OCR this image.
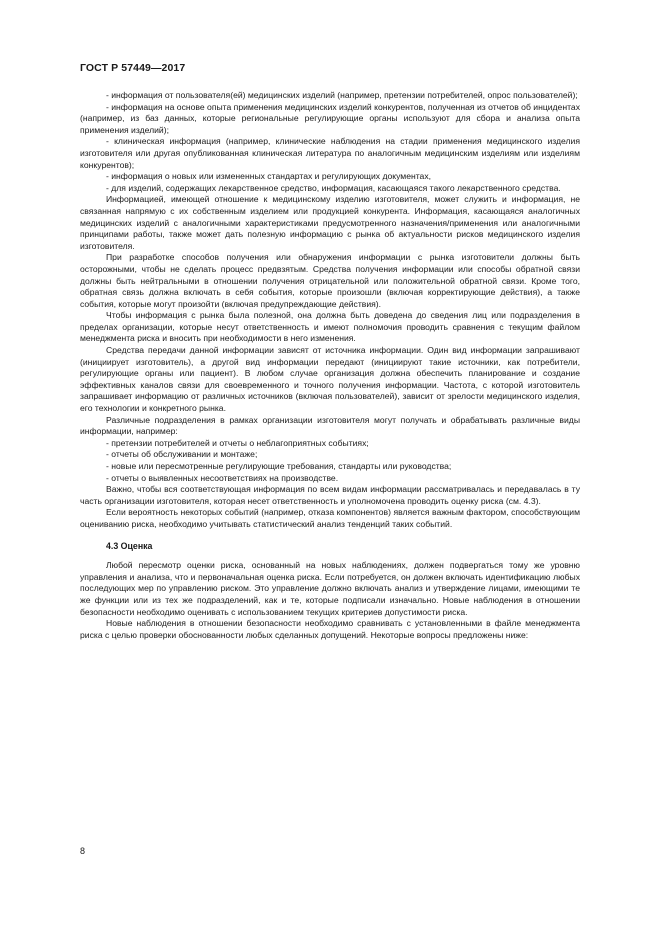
ГОСТ Р 57449—2017

- информация от пользователя(ей) медицинских изделий (например, претензии потребителей, опрос пользователей);

- информация на основе опыта применения медицинских изделий конкурентов, полученная из отчетов об инцидентах (например, из баз данных, которые региональные регулирующие органы используют для сбора и анализа опыта применения изделий);

- клиническая информация (например, клинические наблюдения на стадии применения медицинского изделия изготовителя или другая опубликованная клиническая литература по аналогичным медицинским изделиям или изделиям конкурентов);

- информация о новых или измененных стандартах и регулирующих документах,

- для изделий, содержащих лекарственное средство, информация, касающаяся такого лекарственного средства.

Информацией, имеющей отношение к медицинскому изделию изготовителя, может служить и информация, не связанная напрямую с их собственным изделием или продукцией конкурента. Информация, касающаяся аналогичных медицинских изделий с аналогичными характеристиками предусмотренного назначения/применения или аналогичными принципами работы, также может дать полезную информацию с рынка об актуальности рисков медицинского изделия изготовителя.

При разработке способов получения или обнаружения информации с рынка изготовители должны быть осторожными, чтобы не сделать процесс предвзятым. Средства получения информации или способы обратной связи должны быть нейтральными в отношении получения отрицательной или положительной обратной связи. Кроме того, обратная связь должна включать в себя события, которые произошли (включая корректирующие действия), а также события, которые могут произойти (включая предупреждающие действия).

Чтобы информация с рынка была полезной, она должна быть доведена до сведения лиц или подразделения в пределах организации, которые несут ответственность и имеют полномочия проводить сравнения с текущим файлом менеджмента риска и вносить при необходимости в него изменения.

Средства передачи данной информации зависят от источника информации. Один вид информации запрашивают (инициирует изготовитель), а другой вид информации передают (инициируют такие источники, как потребители, регулирующие органы или пациент). В любом случае организация должна обеспечить планирование и создание эффективных каналов связи для своевременного и точного получения информации. Частота, с которой изготовитель запрашивает информацию от различных источников (включая пользователей), зависит от зрелости медицинского изделия, его технологии и конкретного рынка.

Различные подразделения в рамках организации изготовителя могут получать и обрабатывать различные виды информации, например:

- претензии потребителей и отчеты о неблагоприятных событиях;

- отчеты об обслуживании и монтаже;

- новые или пересмотренные регулирующие требования, стандарты или руководства;

- отчеты о выявленных несоответствиях на производстве.

Важно, чтобы вся соответствующая информация по всем видам информации рассматривалась и передавалась в ту часть организации изготовителя, которая несет ответственность и уполномочена проводить оценку риска (см. 4.3).

Если вероятность некоторых событий (например, отказа компонентов) является важным фактором, способствующим оцениванию риска, необходимо учитывать статистический анализ тенденций таких событий.

4.3 Оценка

Любой пересмотр оценки риска, основанный на новых наблюдениях, должен подвергаться тому же уровню управления и анализа, что и первоначальная оценка риска. Если потребуется, он должен включать идентификацию любых последующих мер по управлению риском. Это управление должно включать анализ и утверждение лицами, имеющими те же функции или из тех же подразделений, как и те, которые подписали изначально. Новые наблюдения в отношении безопасности необходимо оценивать с использованием текущих критериев допустимости риска.

Новые наблюдения в отношении безопасности необходимо сравнивать с установленными в файле менеджмента риска с целью проверки обоснованности любых сделанных допущений. Некоторые вопросы предложены ниже:

8
